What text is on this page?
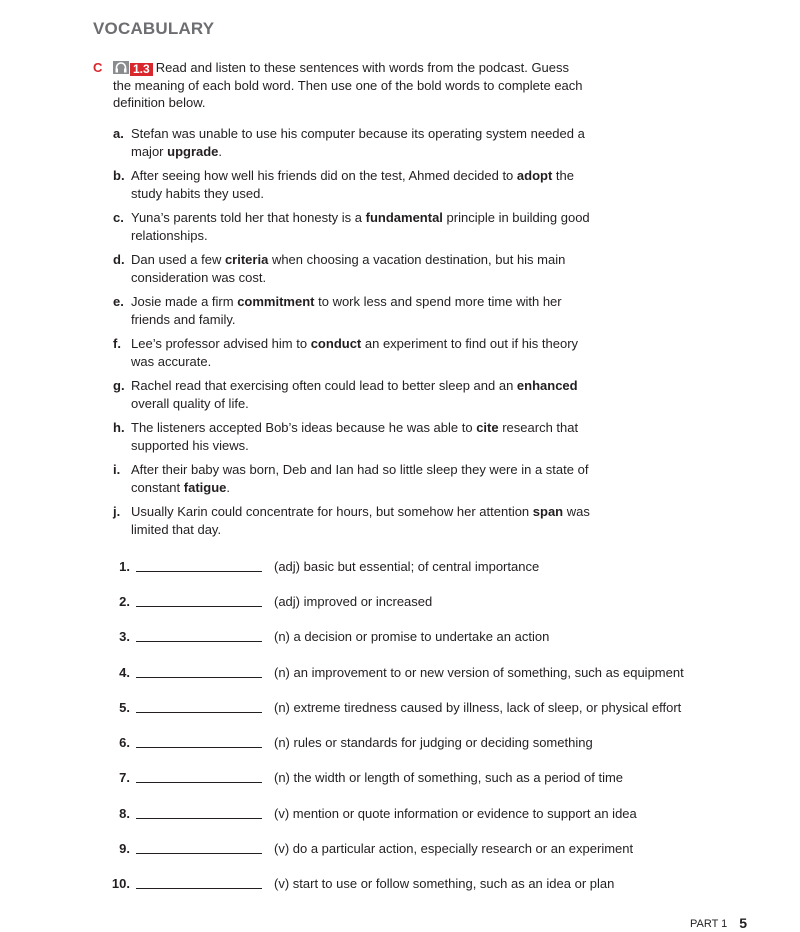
VOCABULARY
C	1.3 Read and listen to these sentences with words from the podcast. Guess
the meaning of each bold word. Then use one of the bold words to complete each
definition below.
a. Stefan was unable to use his computer because its operating system needed a
major upgrade.
b. After seeing how well his friends did on the test, Ahmed decided to adopt the
study habits they used.
c. Yuna’s parents told her that honesty is a fundamental principle in building good
relationships.
d. Dan used a few criteria when choosing a vacation destination, but his main
consideration was cost.
e. Josie made a firm commitment to work less and spend more time with her
friends and family.
f. Lee’s professor advised him to conduct an experiment to find out if his theory
was accurate.
g. Rachel read that exercising often could lead to better sleep and an enhanced
overall quality of life.
h. The listeners accepted Bob’s ideas because he was able to cite research that
supported his views.
i. After their baby was born, Deb and Ian had so little sleep they were in a state of
constant fatigue.
j. Usually Karin could concentrate for hours, but somehow her attention span was
limited that day.
1.	(adj) basic but essential; of central importance
2.	(adj) improved or increased
3.	(n) a decision or promise to undertake an action
4.	(n) an improvement to or new version of something, such as equipment
5.	(n) extreme tiredness caused by illness, lack of sleep, or physical effort
6.	(n) rules or standards for judging or deciding something
7.	(n) the width or length of something, such as a period of time
8.	(v) mention or quote information or evidence to support an idea
9.	(v) do a particular action, especially research or an experiment
10.	(v) start to use or follow something, such as an idea or plan
PART 1 5
